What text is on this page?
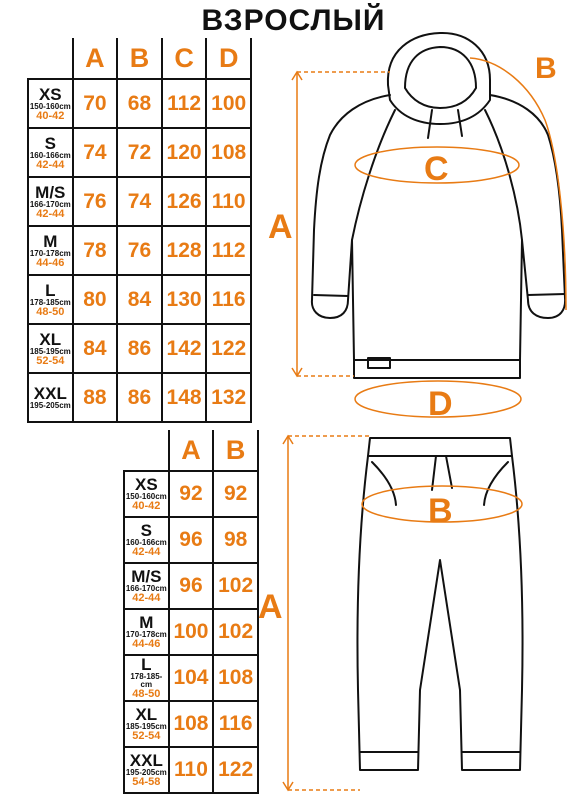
ВЗРОСЛЫЙ
	A	B	C	D

XS
150-160cm
40-42	70	68	112	100

S
160-166cm
42-44	74	72	120	108

M/S
166-170cm
42-44	76	74	126	110

M
170-178cm
44-46	78	76	128	112

L
178-185cm
48-50	80	84	130	116

XL
185-195cm
52-54	84	86	142	122

XXL
195-205cm	88	86	148	132
	A	B

XS
150-160cm
40-42	92	92

S
160-166cm
42-44	96	98

M/S
166-170cm
42-44	96	102

M
170-178cm
44-46	100	102

L
178-185-cm
48-50	104	108

XL
185-195cm
52-54	108	116

XXL
195-205cm
54-58	110	122
A
B
C
D
A
B
